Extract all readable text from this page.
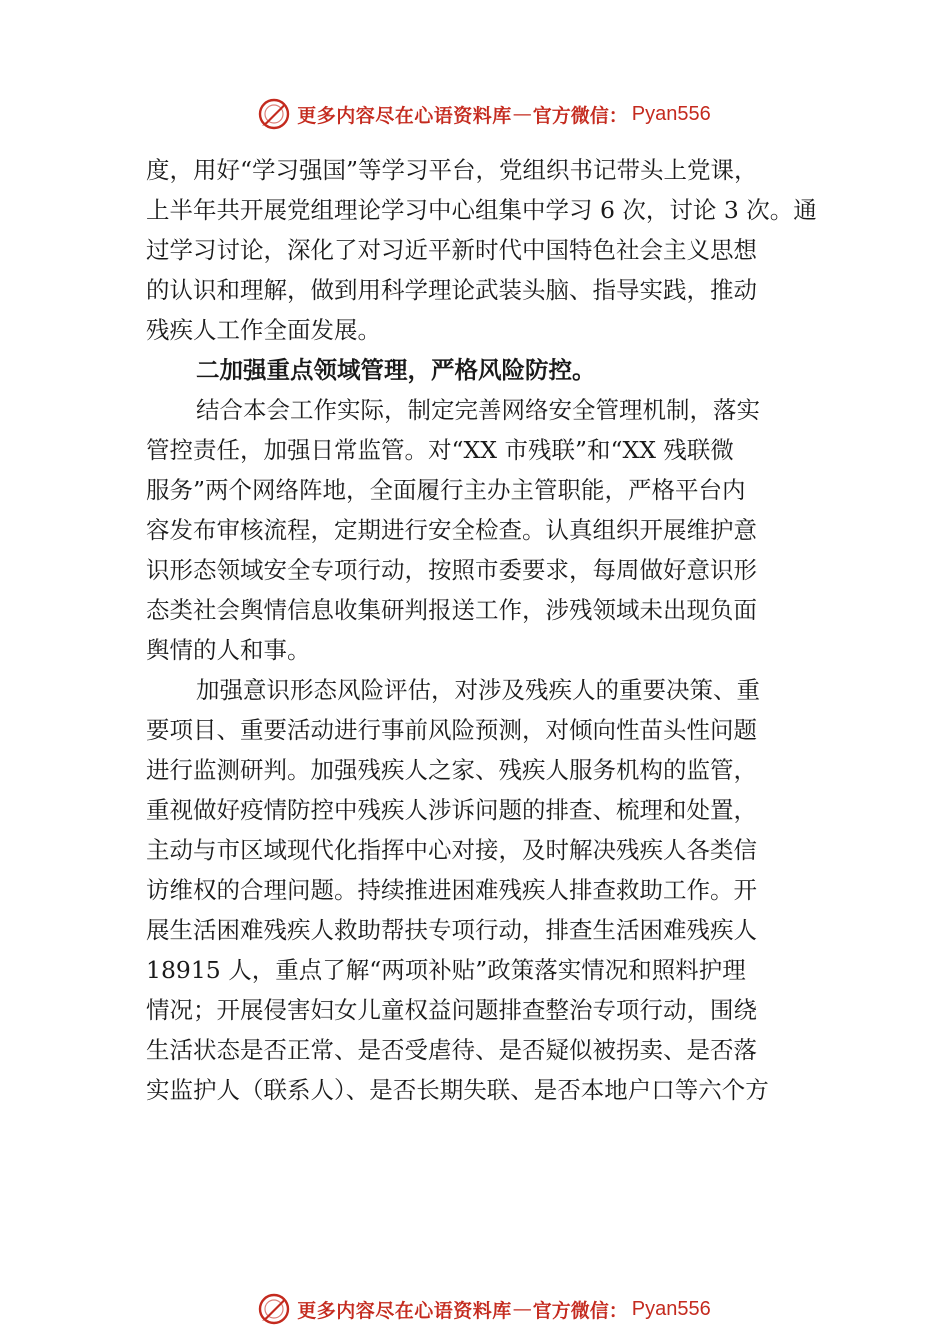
更多内容尽在心语资料库 — 官方微信： Pyan556
度，用好“学习强国”等学习平台，党组织书记带头上党课，
上半年共开展党组理论学习中心组集中学习 6 次，讨论 3 次。通
过学习讨论，深化了对习近平新时代中国特色社会主义思想
的认识和理解，做到用科学理论武装头脑、指导实践，推动
残疾人工作全面发展。
二加强重点领域管理，严格风险防控。
结合本会工作实际，制定完善网络安全管理机制，落实
管控责任，加强日常监管。对“XX 市残联”和“XX 残联微
服务”两个网络阵地，全面履行主办主管职能，严格平台内
容发布审核流程，定期进行安全检查。认真组织开展维护意
识形态领域安全专项行动，按照市委要求，每周做好意识形
态类社会舆情信息收集研判报送工作，涉残领域未出现负面
舆情的人和事。
加强意识形态风险评估，对涉及残疾人的重要决策、重
要项目、重要活动进行事前风险预测，对倾向性苗头性问题
进行监测研判。加强残疾人之家、残疾人服务机构的监管，
重视做好疫情防控中残疾人涉诉问题的排查、梳理和处置，
主动与市区域现代化指挥中心对接，及时解决残疾人各类信
访维权的合理问题。持续推进困难残疾人排查救助工作。开
展生活困难残疾人救助帮扶专项行动，排查生活困难残疾人
18915 人，重点了解“两项补贴”政策落实情况和照料护理
情况；开展侵害妇女儿童权益问题排查整治专项行动，围绕
生活状态是否正常、是否受虐待、是否疑似被拐卖、是否落
实监护人（联系人）、是否长期失联、是否本地户口等六个方
更多内容尽在心语资料库 — 官方微信： Pyan556
